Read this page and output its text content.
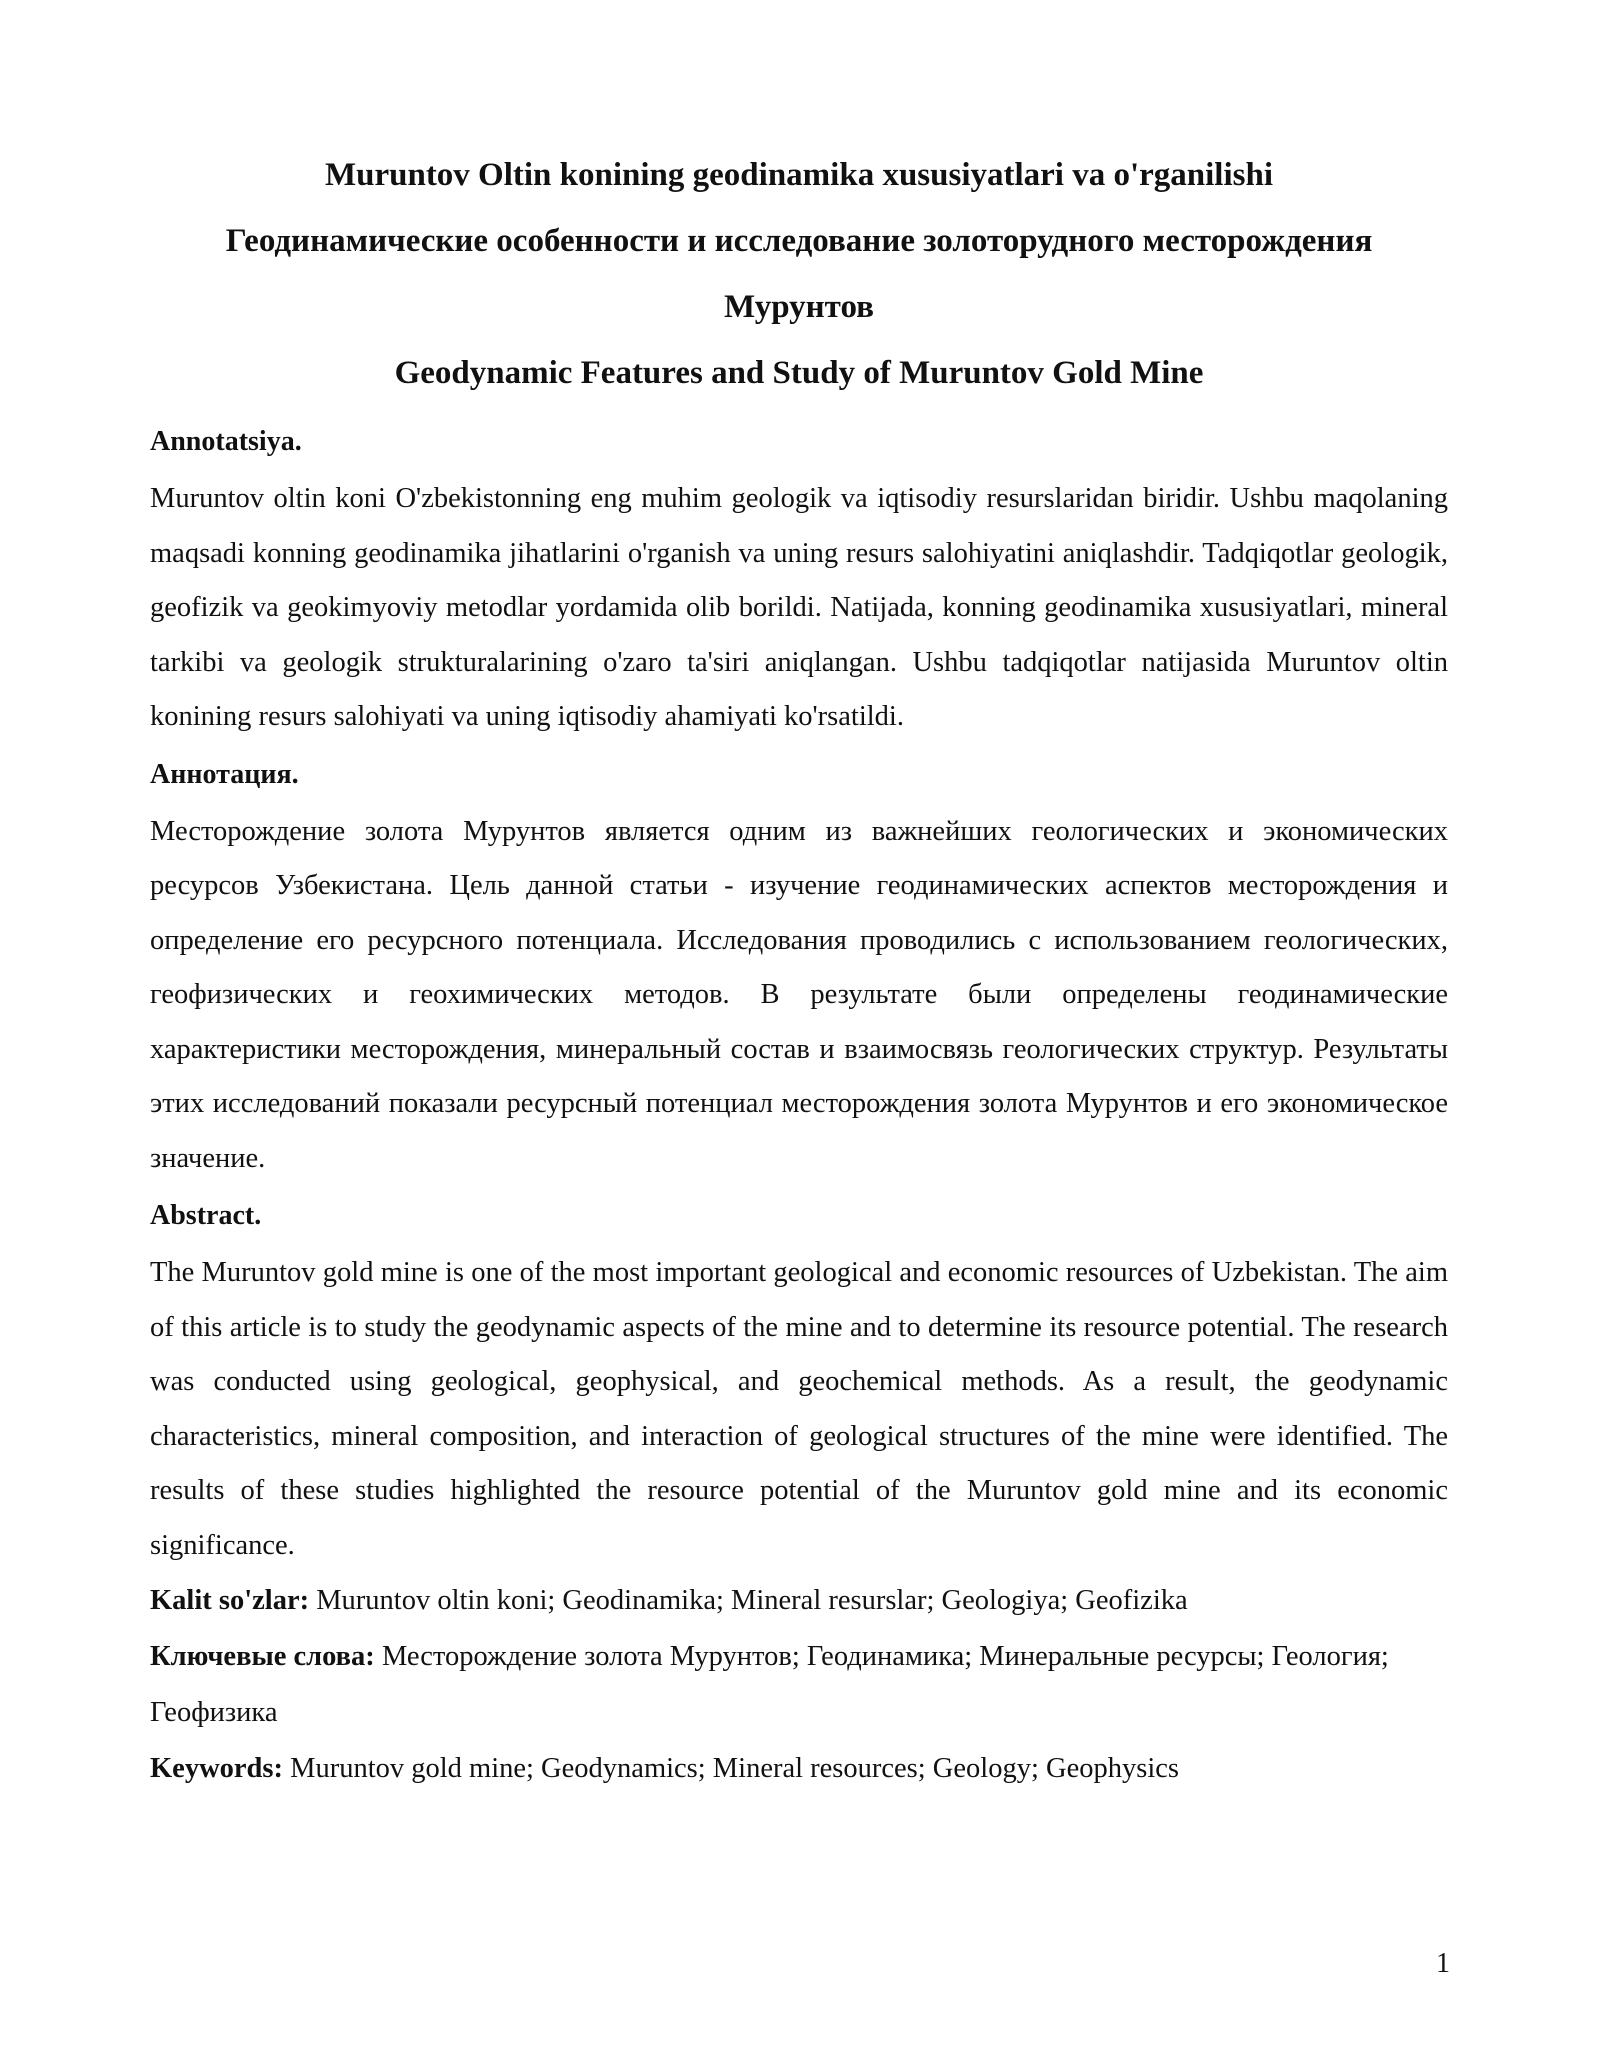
Muruntov Oltin konining geodinamika xususiyatlari va o'rganilishi
Геодинамические особенности и исследование золоторудного месторождения Мурунтов
Geodynamic Features and Study of Muruntov Gold Mine
Annotatsiya.

Muruntov oltin koni O'zbekistonning eng muhim geologik va iqtisodiy resurslaridan biridir. Ushbu maqolaning maqsadi konning geodinamika jihatlarini o'rganish va uning resurs salohiyatini aniqlashdir. Tadqiqotlar geologik, geofizik va geokimyoviy metodlar yordamida olib borildi. Natijada, konning geodinamika xususiyatlari, mineral tarkibi va geologik strukturalarining o'zaro ta'siri aniqlangan. Ushbu tadqiqotlar natijasida Muruntov oltin konining resurs salohiyati va uning iqtisodiy ahamiyati ko'rsatildi.

Аннотация.

Месторождение золота Мурунтов является одним из важнейших геологических и экономических ресурсов Узбекистана. Цель данной статьи - изучение геодинамических аспектов месторождения и определение его ресурсного потенциала. Исследования проводились с использованием геологических, геофизических и геохимических методов. В результате были определены геодинамические характеристики месторождения, минеральный состав и взаимосвязь геологических структур. Результаты этих исследований показали ресурсный потенциал месторождения золота Мурунтов и его экономическое значение.

Abstract.

The Muruntov gold mine is one of the most important geological and economic resources of Uzbekistan. The aim of this article is to study the geodynamic aspects of the mine and to determine its resource potential. The research was conducted using geological, geophysical, and geochemical methods. As a result, the geodynamic characteristics, mineral composition, and interaction of geological structures of the mine were identified. The results of these studies highlighted the resource potential of the Muruntov gold mine and its economic significance.

Kalit so'zlar: Muruntov oltin koni; Geodinamika; Mineral resurslar; Geologiya; Geofizika

Ключевые слова: Месторождение золота Мурунтов; Геодинамика; Минеральные ресурсы; Геология; Геофизика

Keywords: Muruntov gold mine; Geodynamics; Mineral resources; Geology; Geophysics

1
